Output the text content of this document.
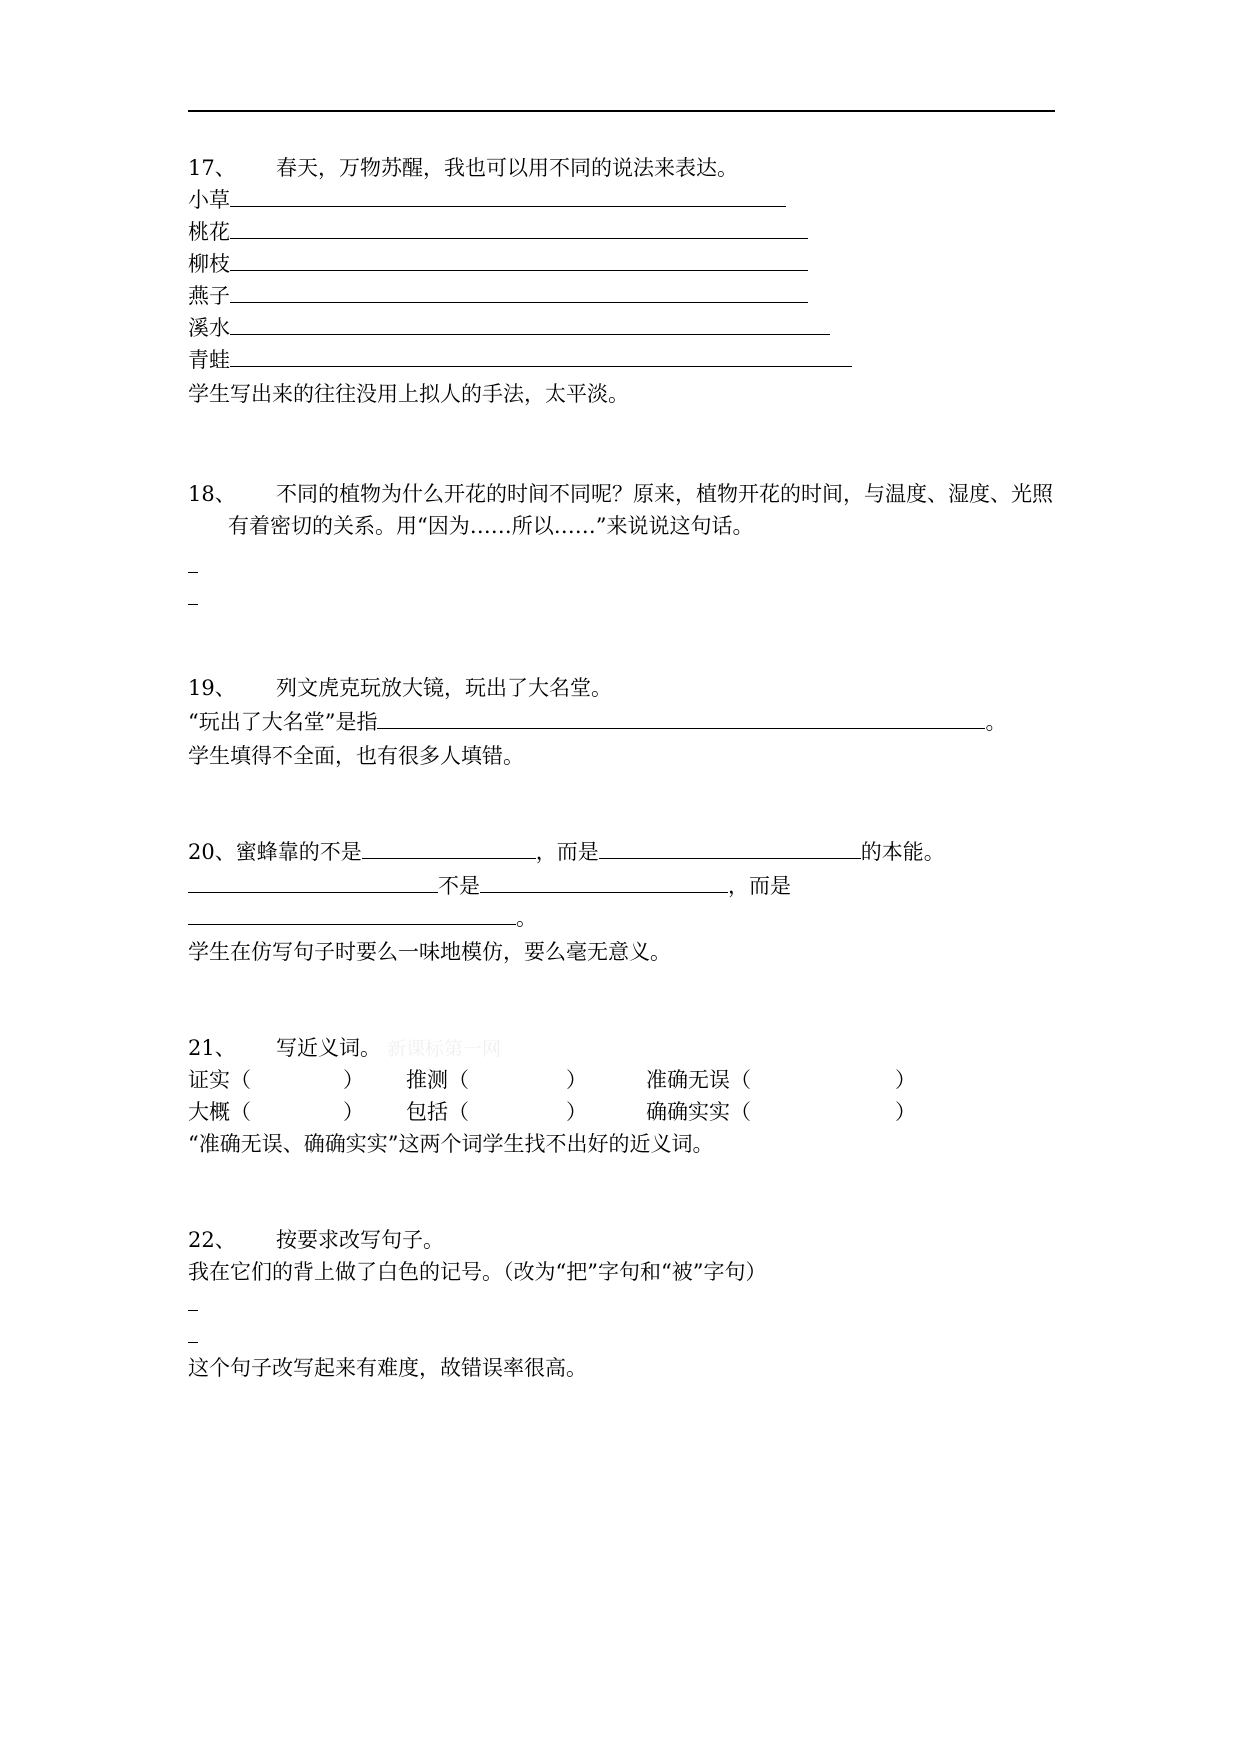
17、 春天，万物苏醒，我也可以用不同的说法来表达。
小草
桃花
柳枝
燕子
溪水
青蛙
学生写出来的往往没用上拟人的手法，太平淡。
18、 不同的植物为什么开花的时间不同呢？原来，植物开花的时间，与温度、湿度、光照
有着密切的关系。用“因为……所以……”来说说这句话。
19、 列文虎克玩放大镜，玩出了大名堂。
“玩出了大名堂”是指	。
学生填得不全面，也有很多人填错。
20、蜜蜂靠的不是	，而是	的本能。
不是	，而是
。
学生在仿写句子时要么一味地模仿，要么毫无意义。
21、 写近义词。 新课标第一网
证实（	） 推测（	）	准确无误（	）
大概（	） 包括（	）	确确实实（	）
“准确无误、确确实实”这两个词学生找不出好的近义词。
22、 按要求改写句子。
我在它们的背上做了白色的记号。（改为“把”字句和“被”字句）
这个句子改写起来有难度，故错误率很高。
